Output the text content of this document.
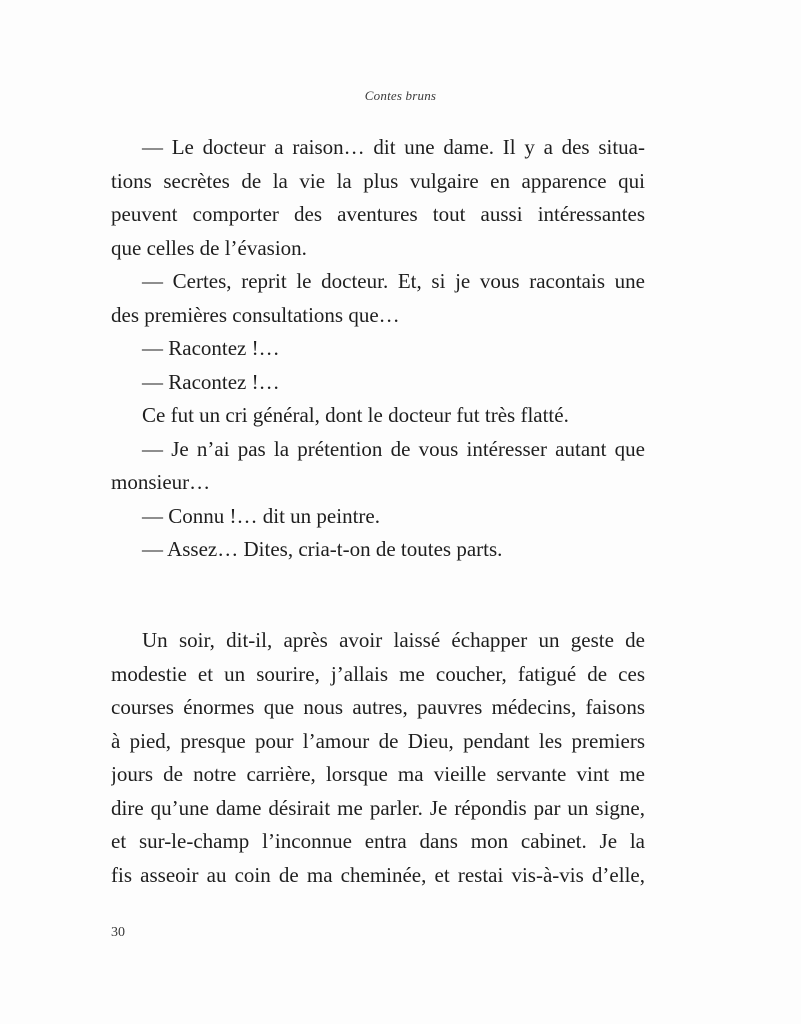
Contes bruns
— Le docteur a raison… dit une dame. Il y a des situa-
tions secrètes de la vie la plus vulgaire en apparence qui
peuvent comporter des aventures tout aussi intéressantes
que celles de l’évasion.
— Certes, reprit le docteur. Et, si je vous racontais une
des premières consultations que…
— Racontez !…
— Racontez !…
Ce fut un cri général, dont le docteur fut très flatté.
— Je n’ai pas la prétention de vous intéresser autant que
monsieur…
— Connu !… dit un peintre.
— Assez… Dites, cria-t-on de toutes parts.
Un soir, dit-il, après avoir laissé échapper un geste de
modestie et un sourire, j’allais me coucher, fatigué de ces
courses énormes que nous autres, pauvres médecins, faisons
à pied, presque pour l’amour de Dieu, pendant les premiers
jours de notre carrière, lorsque ma vieille servante vint me
dire qu’une dame désirait me parler. Je répondis par un signe,
et sur-le-champ l’inconnue entra dans mon cabinet. Je la
fis asseoir au coin de ma cheminée, et restai vis-à-vis d’elle,
30
